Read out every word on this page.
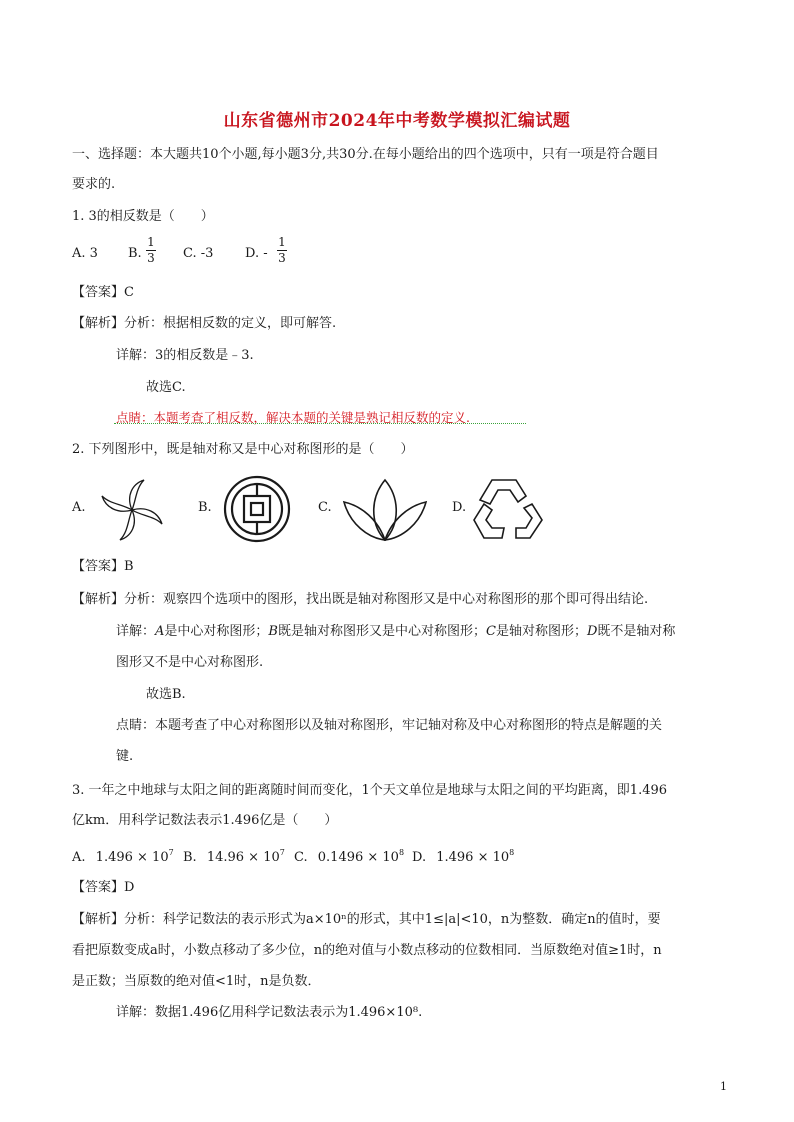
山东省德州市2024年中考数学模拟汇编试题
一、选择题：本大题共10个小题,每小题3分,共30分.在每小题给出的四个选项中，只有一项是符合题目
要求的.
1. 3的相反数是（　　）
A. 3 B.
1
3 C. -3 D. -
1
3
【答案】C
【解析】分析：根据相反数的定义，即可解答.
详解：3的相反数是﹣3.
故选C.
点睛：本题考查了相反数，解决本题的关键是熟记相反数的定义.
2. 下列图形中，既是轴对称又是中心对称图形的是（　　）
A.	B.	C.	D.
【答案】B
【解析】分析：观察四个选项中的图形，找出既是轴对称图形又是中心对称图形的那个即可得出结论.
详解：A是中心对称图形；B既是轴对称图形又是中心对称图形；C是轴对称图形；D既不是轴对称
图形又不是中心对称图形.
故选B.
点睛：本题考查了中心对称图形以及轴对称图形，牢记轴对称及中心对称图形的特点是解题的关
键.
3. 一年之中地球与太阳之间的距离随时间而变化，1个天文单位是地球与太阳之间的平均距离，即1.496
亿km．用科学记数法表示1.496亿是（　　）
A. $1.496 \times 10^7$ B. $14.96 \times 10^7$ C. $0.1496 \times 10^8$ D. $1.496 \times 10^8$
【答案】D
【解析】分析：科学记数法的表示形式为a×10ⁿ的形式，其中1≤|a|<10，n为整数．确定n的值时，要
看把原数变成a时，小数点移动了多少位，n的绝对值与小数点移动的位数相同．当原数绝对值≥1时，n
是正数；当原数的绝对值<1时，n是负数．
详解：数据1.496亿用科学记数法表示为1.496×10⁸.
1
